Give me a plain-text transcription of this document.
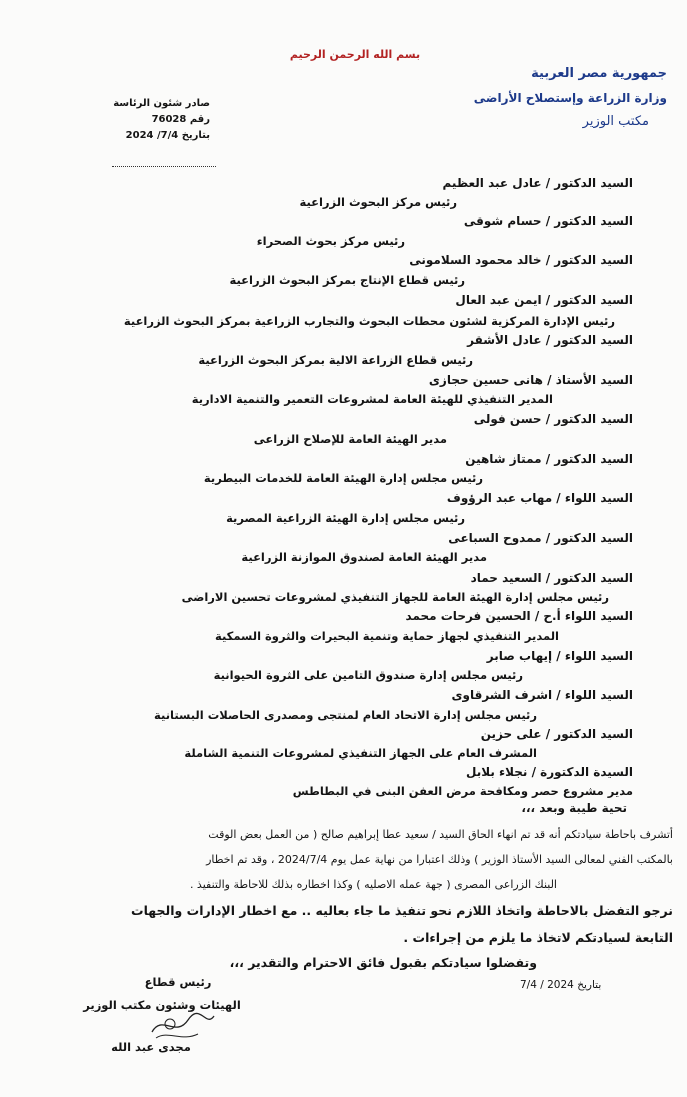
بسم الله الرحمن الرحيم
جمهورية مصر العربية
وزارة الزراعة وإستصلاح الأراضى
مكتب الوزير
صادر شئون الرئاسة
رقم 76028
بتاريخ 2024 /7/4
السيد الدكتور / عادل عبد العظيم
رئيس مركز البحوث الزراعية
السيد الدكتور / حسام شوقى
رئيس مركز بحوث الصحراء
السيد الدكتور / خالد محمود السلامونى
رئيس قطاع الإنتاج بمركز البحوث الزراعية
السيد الدكتور / ايمن عبد العال
رئيس الإدارة المركزية لشئون محطات البحوث والتجارب الزراعية بمركز البحوث الزراعية
السيد الدكتور / عادل الأشقر
رئيس قطاع الزراعة الالية بمركز البحوث الزراعية
السيد الأستاذ / هانى حسين حجازى
المدير التنفيذي للهيئة العامة لمشروعات التعمير والتنمية الادارية
السيد الدكتور / حسن فولى
مدير الهيئة العامة للإصلاح الزراعى
السيد الدكتور / ممتاز شاهين
رئيس مجلس إدارة الهيئة العامة للخدمات البيطرية
السيد اللواء / مهاب عبد الرؤوف
رئيس مجلس إدارة الهيئة الزراعية المصرية
السيد الدكتور / ممدوح السباعى
مدير الهيئة العامة لصندوق الموازنة الزراعية
السيد الدكتور / السعيد حماد
رئيس مجلس إدارة الهيئة العامة للجهاز التنفيذي لمشروعات تحسين الاراضى
السيد اللواء أ.ح / الحسين فرحات محمد
المدير التنفيذي لجهاز حماية وتنمية البحيرات والثروة السمكية
السيد اللواء / إيهاب صابر
رئيس مجلس إدارة صندوق التامين على الثروة الحيوانية
السيد اللواء / اشرف الشرقاوى
رئيس مجلس إدارة الاتحاد العام لمنتجى ومصدرى الحاصلات البستانية
السيد الدكتور / على حزين
المشرف العام على الجهاز التنفيذي لمشروعات التنمية الشاملة
السيدة الدكتورة / نجلاء بلابل
مدير مشروع حصر ومكافحة مرض العفن البنى في البطاطس
تحية طيبة وبعد ،،،
أتشرف باحاطة سيادتكم أنه قد تم انهاء الحاق السيد / سعيد عطا إبراهيم صالح ( من العمل بعض الوقت
بالمكتب الفني لمعالى السيد الأستاذ الوزير ) وذلك اعتبارا من نهاية عمل يوم 2024/7/4 ، وقد تم اخطار
البنك الزراعى المصرى ( جهة عمله الاصليه ) وكذا اخطاره بذلك للاحاطة والتنفيذ .
نرجو التفضل بالاحاطة واتخاذ اللازم نحو تنفيذ ما جاء بعاليه .. مع اخطار الإدارات والجهات
التابعة لسيادتكم لاتخاذ ما يلزم من إجراءات .
وتفضلوا سيادتكم بقبول فائق الاحترام والتقدير ،،،
بتاريخ 2024 / 7/4
رئيس قطاع
الهيئات وشئون مكتب الوزير
مجدى عبد الله
